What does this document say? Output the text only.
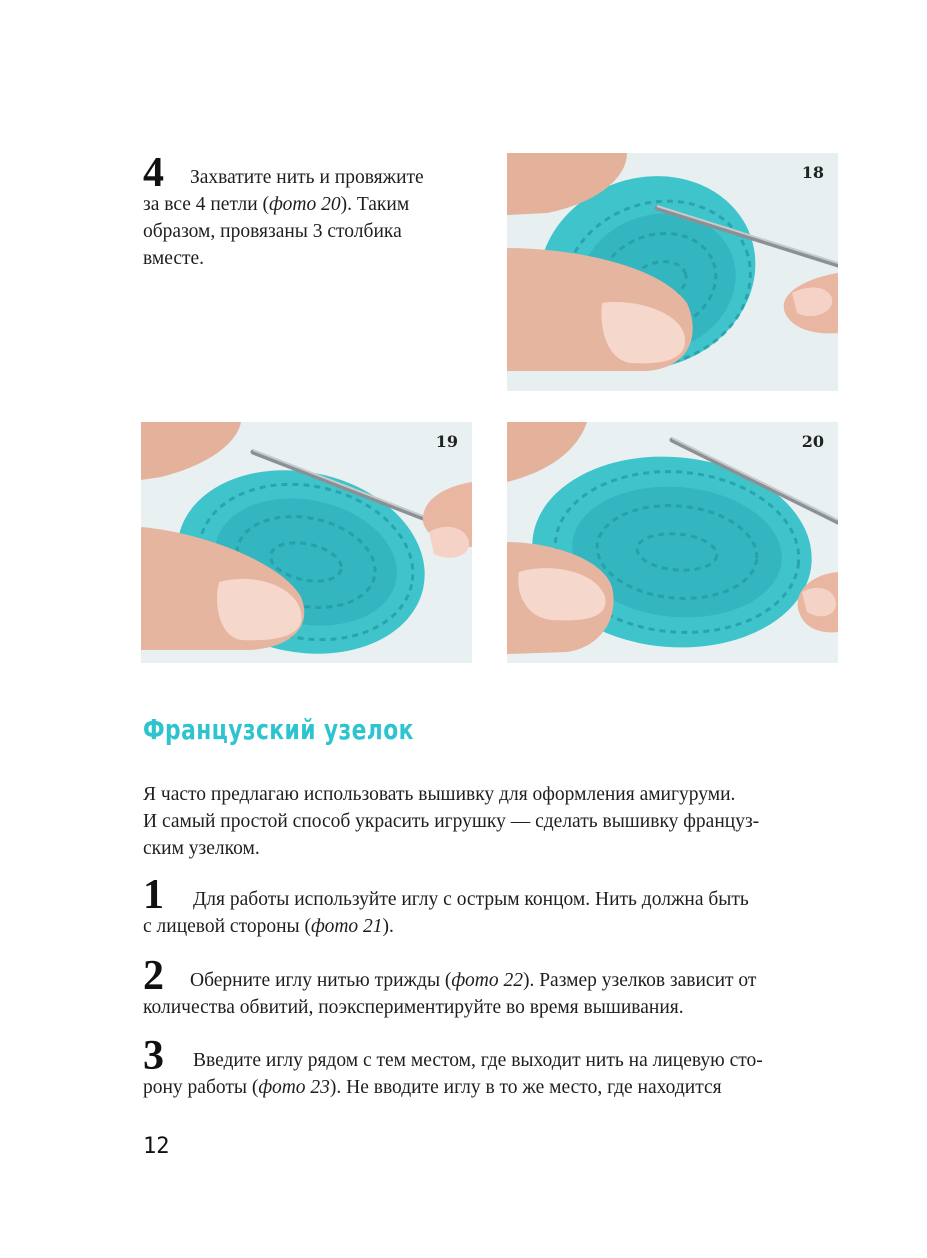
4	Захватите нить и провяжите
за все 4 петли (фото 20). Таким
образом, провязаны 3 столбика
вместе.
18
19	20
Французский узелок
Я часто предлагаю использовать вышивку для оформления амигуруми.
И самый простой способ украсить игрушку — сделать вышивку француз-
ским узелком.
1	Для работы используйте иглу с острым концом. Нить должна быть
с лицевой стороны (фото 21).
2	Оберните иглу нитью трижды (фото 22). Размер узелков зависит от
количества обвитий, поэкспериментируйте во время вышивания.
3	Введите иглу рядом с тем местом, где выходит нить на лицевую сто-
рону работы (фото 23). Не вводите иглу в то же место, где находится
12
